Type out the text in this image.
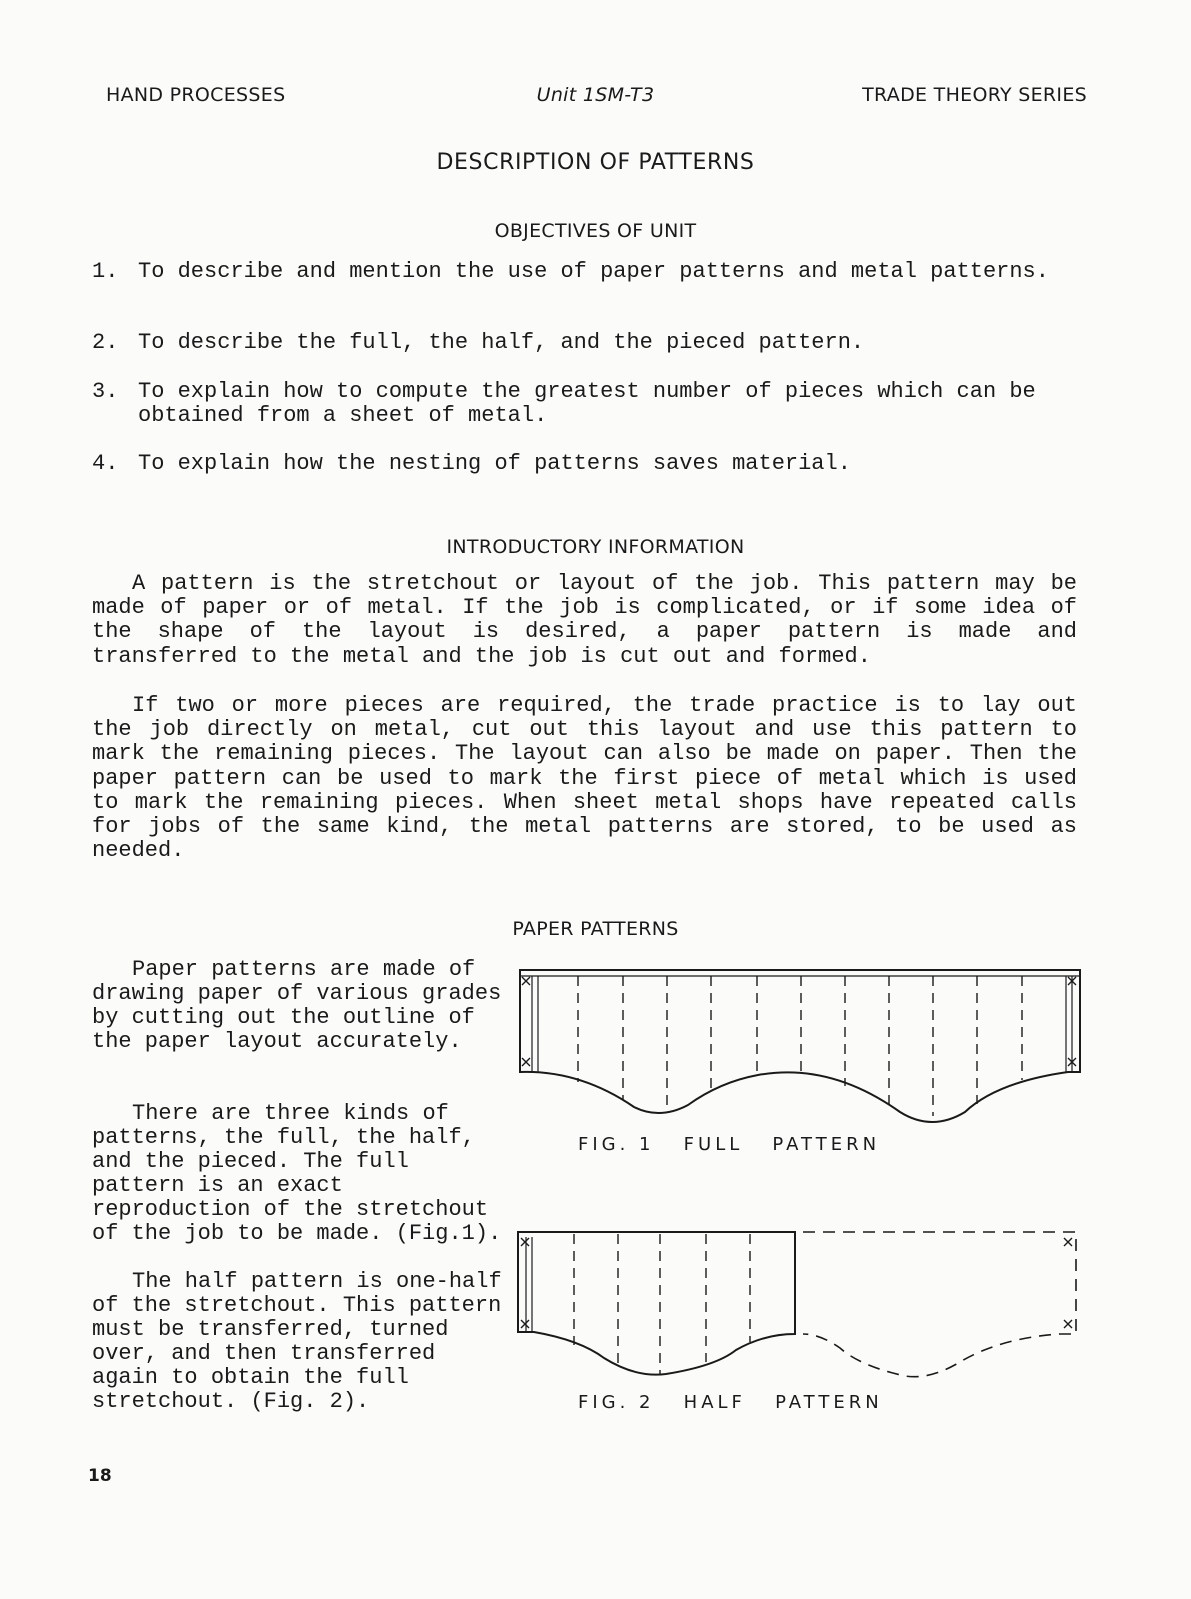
HAND PROCESSES	Unit 1SM-T3	TRADE THEORY SERIES
DESCRIPTION OF PATTERNS
OBJECTIVES OF UNIT
1. To describe and mention the use of paper patterns and metal patterns.
2. To describe the full, the half, and the pieced pattern.
3. To explain how to compute the greatest number of pieces which can be obtained from a sheet of metal.
4. To explain how the nesting of patterns saves material.
INTRODUCTORY INFORMATION

A pattern is the stretchout or layout of the job. This pattern may be made of paper or of metal. If the job is complicated, or if some idea of the shape of the layout is desired, a paper pattern is made and transferred to the metal and the job is cut out and formed.

If two or more pieces are required, the trade practice is to lay out the job directly on metal, cut out this layout and use this pattern to mark the remaining pieces. The layout can also be made on paper. Then the paper pattern can be used to mark the first piece of metal which is used to mark the remaining pieces. When sheet metal shops have repeated calls for jobs of the same kind, the metal patterns are stored, to be used as needed.

PAPER PATTERNS

Paper patterns are made of drawing paper of various grades by cutting out the outline of the paper layout accurately.

There are three kinds of patterns, the full, the half, and the pieced. The full pattern is an exact reproduction of the stretchout of the job to be made. (Fig.1).

The half pattern is one-half of the stretchout. This pattern must be transferred, turned over, and then transferred again to obtain the full stretchout. (Fig. 2).

FIG. 1   FULL   PATTERN
FIG. 2   HALF   PATTERN
18
